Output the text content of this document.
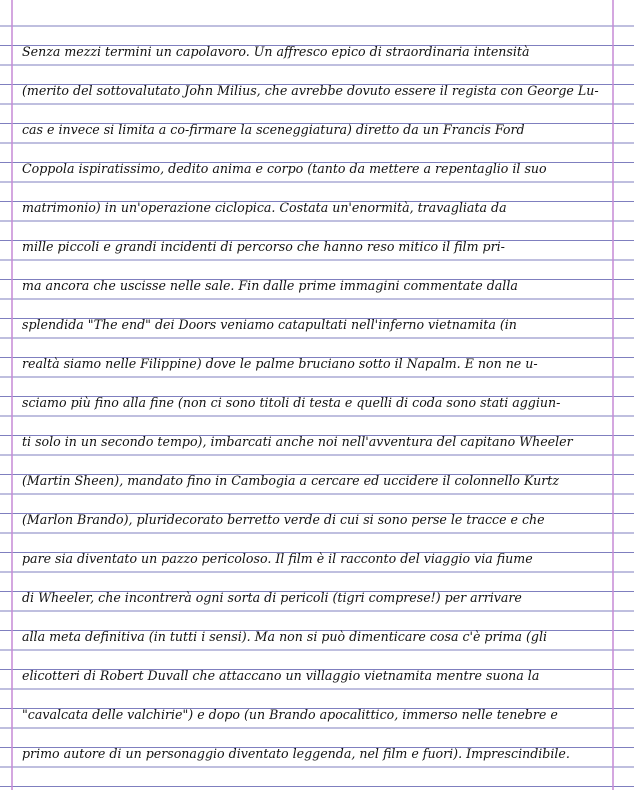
Senza mezzi termini un capolavoro. Un affresco epico di straordinaria intensità
(merito del sottovalutato John Milius, che avrebbe dovuto essere il regista con George Lu-
cas e invece si limita a co-firmare la sceneggiatura) diretto da un Francis Ford
Coppola ispiratissimo, dedito anima e corpo (tanto da mettere a repentaglio il suo
matrimonio) in un'operazione ciclopica. Costata un'enormità, travagliata da
mille piccoli e grandi incidenti di percorso che hanno reso mitico il film pri-
ma ancora che uscisse nelle sale. Fin dalle prime immagini commentate dalla
splendida "The end" dei Doors veniamo catapultati nell'inferno vietnamita (in
realtà siamo nelle Filippine) dove le palme bruciano sotto il Napalm. E non ne u-
sciamo più fino alla fine (non ci sono titoli di testa e quelli di coda sono stati aggiun-
ti solo in un secondo tempo), imbarcati anche noi nell'avventura del capitano Wheeler
(Martin Sheen), mandato fino in Cambogia a cercare ed uccidere il colonnello Kurtz
(Marlon Brando), pluridecorato berretto verde di cui si sono perse le tracce e che
pare sia diventato un pazzo pericoloso. Il film è il racconto del viaggio via fiume
di Wheeler, che incontrerà ogni sorta di pericoli (tigri comprese!) per arrivare
alla meta definitiva (in tutti i sensi). Ma non si può dimenticare cosa c'è prima (gli
elicotteri di Robert Duvall che attaccano un villaggio vietnamita mentre suona la
"cavalcata delle valchirie") e dopo (un Brando apocalittico, immerso nelle tenebre e
primo autore di un personaggio diventato leggenda, nel film e fuori). Imprescindibile.
